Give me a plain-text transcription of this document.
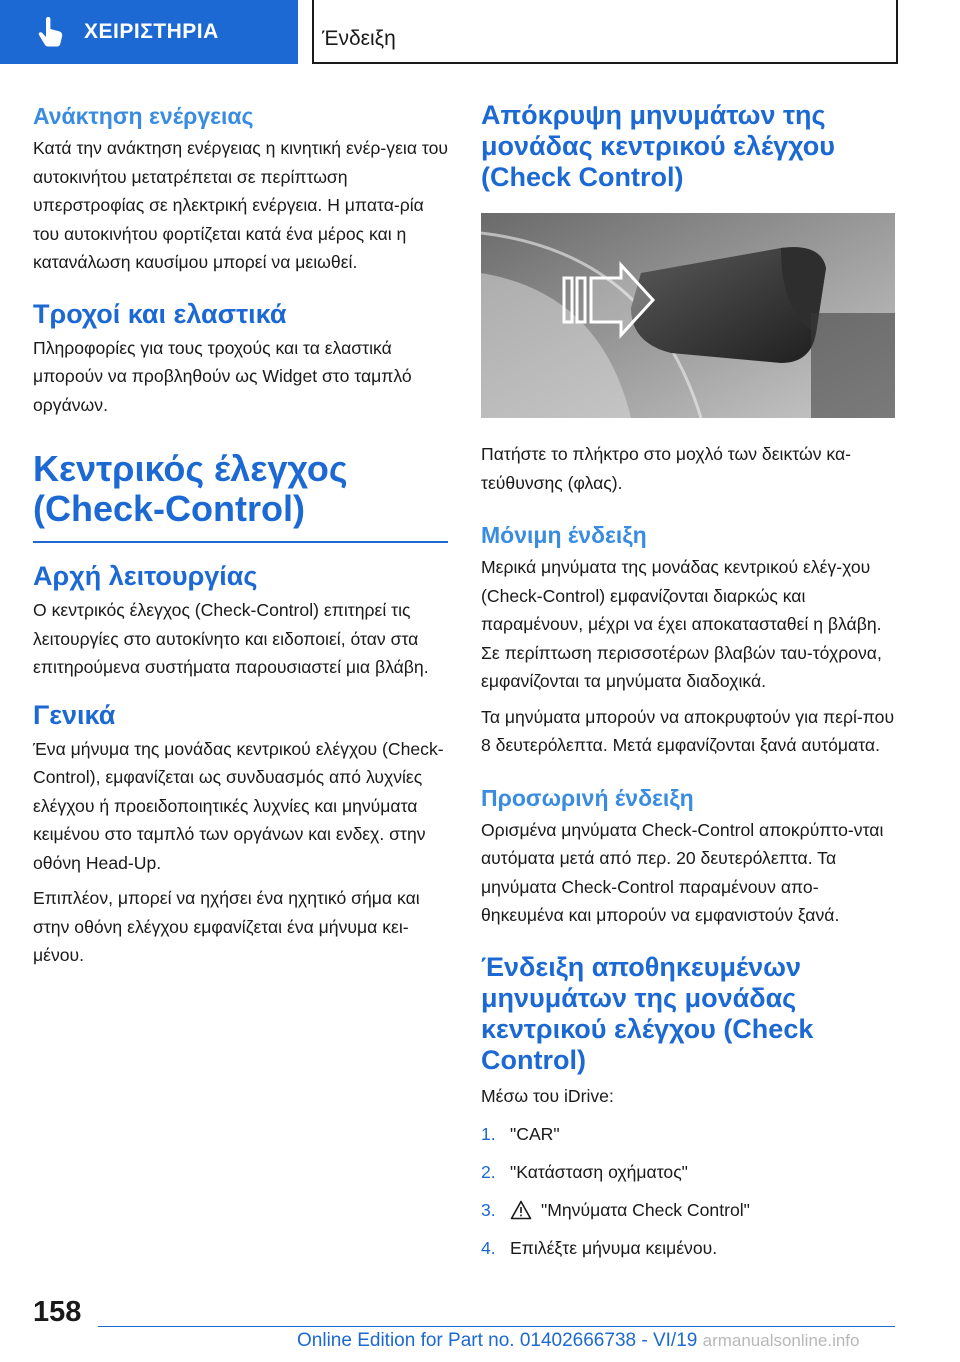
ΧΕΙΡΙΣΤΗΡΙΑ	Ένδειξη
Ανάκτηση ενέργειας

Κατά την ανάκτηση ενέργειας η κινητική ενέρ-γεια του αυτοκινήτου μετατρέπεται σε περίπτωση υπερστροφίας σε ηλεκτρική ενέργεια. Η μπατα-ρία του αυτοκινήτου φορτίζεται κατά ένα μέρος και η κατανάλωση καυσίμου μπορεί να μειωθεί.

Τροχοί και ελαστικά

Πληροφορίες για τους τροχούς και τα ελαστικά μπορούν να προβληθούν ως Widget στο ταμπλό οργάνων.

Κεντρικός έλεγχος (Check-Control)
Αρχή λειτουργίας

Ο κεντρικός έλεγχος (Check-Control) επιτηρεί τις λειτουργίες στο αυτοκίνητο και ειδοποιεί, όταν στα επιτηρούμενα συστήματα παρουσιαστεί μια βλάβη.

Γενικά

Ένα μήνυμα της μονάδας κεντρικού ελέγχου (Check-Control), εμφανίζεται ως συνδυασμός από λυχνίες ελέγχου ή προειδοποιητικές λυχνίες και μηνύματα κειμένου στο ταμπλό των οργάνων και ενδεχ. στην οθόνη Head-Up.

Επιπλέον, μπορεί να ηχήσει ένα ηχητικό σήμα και στην οθόνη ελέγχου εμφανίζεται ένα μήνυμα κει-μένου.

Απόκρυψη μηνυμάτων της μονάδας κεντρικού ελέγχου (Check Control)

Πατήστε το πλήκτρο στο μοχλό των δεικτών κα-τεύθυνσης (φλας).

Μόνιμη ένδειξη

Μερικά μηνύματα της μονάδας κεντρικού ελέγ-χου (Check-Control) εμφανίζονται διαρκώς και παραμένουν, μέχρι να έχει αποκατασταθεί η βλάβη. Σε περίπτωση περισσοτέρων βλαβών ταυ-τόχρονα, εμφανίζονται τα μηνύματα διαδοχικά.

Τα μηνύματα μπορούν να αποκρυφτούν για περί-που 8 δευτερόλεπτα. Μετά εμφανίζονται ξανά αυτόματα.

Προσωρινή ένδειξη

Ορισμένα μηνύματα Check-Control αποκρύπτο-νται αυτόματα μετά από περ. 20 δευτερόλεπτα. Τα μηνύματα Check-Control παραμένουν απο-θηκευμένα και μπορούν να εμφανιστούν ξανά.

Ένδειξη αποθηκευμένων μηνυμάτων της μονάδας κεντρικού ελέγχου (Check Control)

Μέσω του iDrive:

1. "CAR"
2. "Κατάσταση οχήματος"
3.	"Μηνύματα Check Control"
4. Επιλέξτε μήνυμα κειμένου.
158
Online Edition for Part no. 01402666738 - VI/19 armanualsonline.info
